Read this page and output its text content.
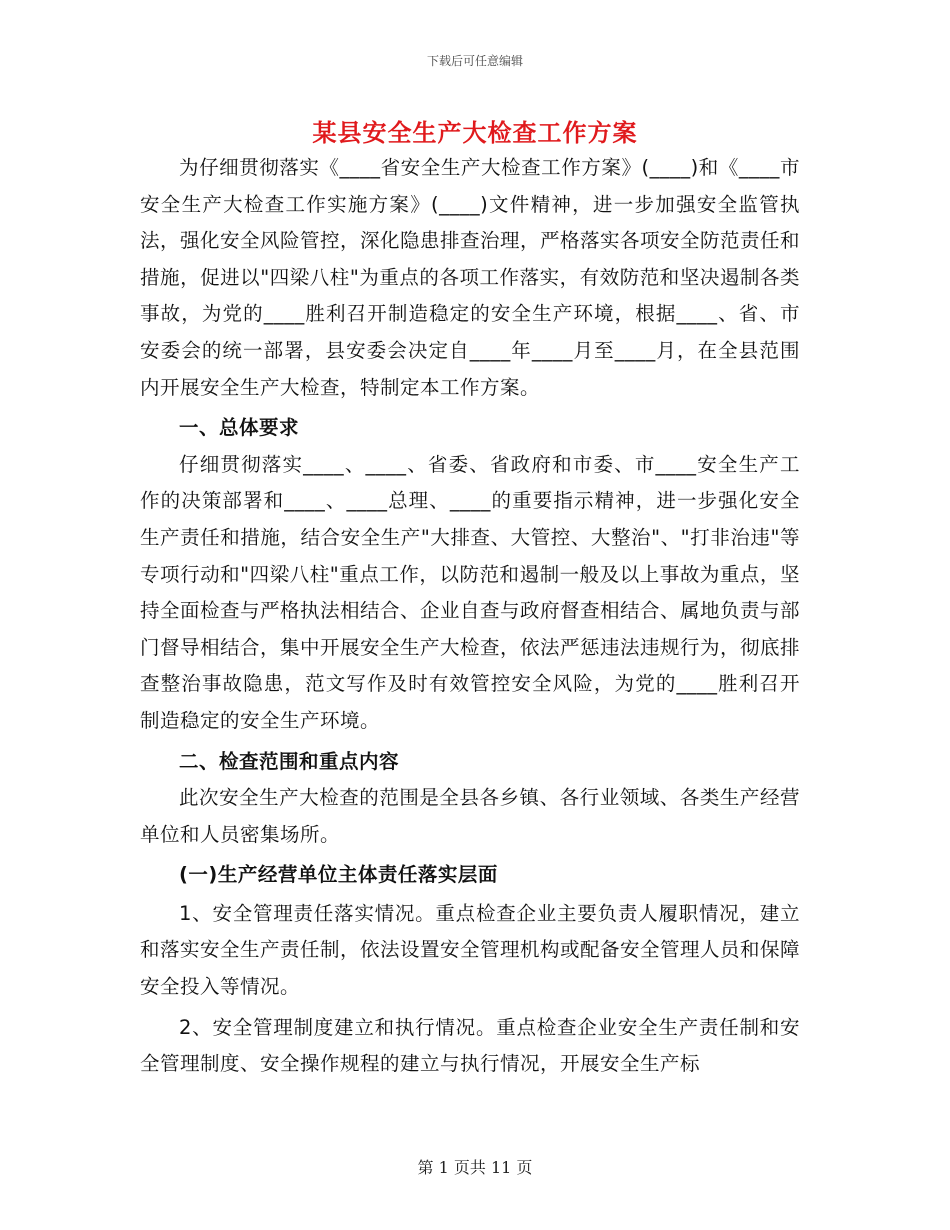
下载后可任意编辑
某县安全生产大检查工作方案

为仔细贯彻落实《____省安全生产大检查工作方案》(____)和《____市安全生产大检查工作实施方案》(____)文件精神，进一步加强安全监管执法，强化安全风险管控，深化隐患排查治理，严格落实各项安全防范责任和措施，促进以"四梁八柱"为重点的各项工作落实，有效防范和坚决遏制各类事故，为党的____胜利召开制造稳定的安全生产环境，根据____、省、市安委会的统一部署，县安委会决定自____年____月至____月，在全县范围内开展安全生产大检查，特制定本工作方案。

一、总体要求

仔细贯彻落实____、____、省委、省政府和市委、市____安全生产工作的决策部署和____、____总理、____的重要指示精神，进一步强化安全生产责任和措施，结合安全生产"大排查、大管控、大整治"、"打非治违"等专项行动和"四梁八柱"重点工作，以防范和遏制一般及以上事故为重点，坚持全面检查与严格执法相结合、企业自查与政府督查相结合、属地负责与部门督导相结合，集中开展安全生产大检查，依法严惩违法违规行为，彻底排查整治事故隐患，范文写作及时有效管控安全风险，为党的____胜利召开制造稳定的安全生产环境。

二、检查范围和重点内容

此次安全生产大检查的范围是全县各乡镇、各行业领域、各类生产经营单位和人员密集场所。

(一)生产经营单位主体责任落实层面

1、安全管理责任落实情况。重点检查企业主要负责人履职情况，建立和落实安全生产责任制，依法设置安全管理机构或配备安全管理人员和保障安全投入等情况。

2、安全管理制度建立和执行情况。重点检查企业安全生产责任制和安全管理制度、安全操作规程的建立与执行情况，开展安全生产标

第 1 页共 11 页
